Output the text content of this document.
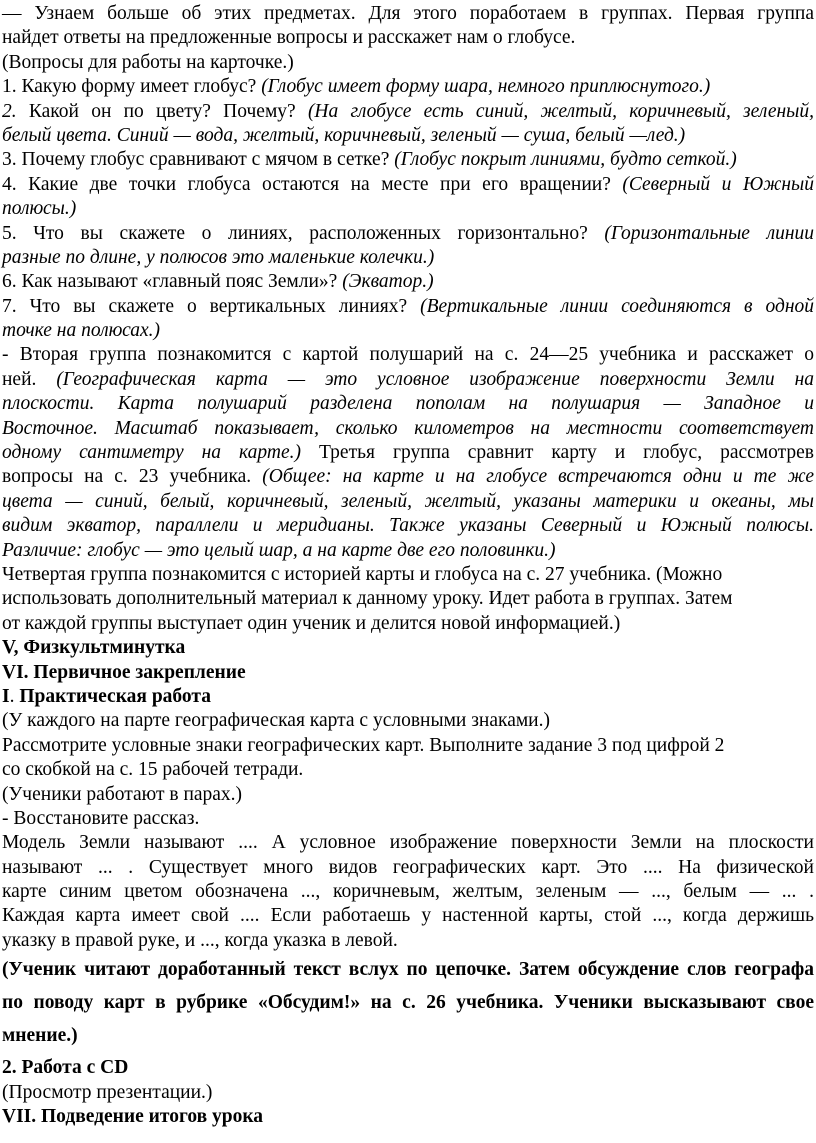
— Узнаем больше об этих предметах. Для этого поработаем в группах. Первая группа
найдет ответы на предложенные вопросы и расскажет нам о глобусе.
(Вопросы для работы на карточке.)
1. Какую форму имеет глобус? (Глобус имеет форму шара, немного приплюснутого.)
2. Какой он по цвету? Почему? (На глобусе есть синий, желтый, коричневый, зеленый,
белый цвета. Синий — вода, желтый, коричневый, зеленый — суша, белый —лед.)
3. Почему глобус сравнивают с мячом в сетке? (Глобус покрыт линиями, будто сеткой.)
4. Какие две точки глобуса остаются на месте при его вращении? (Северный и Южный
полюсы.)
5. Что вы скажете о линиях, расположенных горизонтально? (Горизонтальные линии
разные по длине, у полюсов это маленькие колечки.)
6. Как называют «главный пояс Земли»? (Экватор.)
7. Что вы скажете о вертикальных линиях? (Вертикальные линии соединяются в одной
точке на полюсах.)
- Вторая группа познакомится с картой полушарий на с. 24—25 учебника и расскажет о
ней. (Географическая карта — это условное изображение поверхности Земли на
плоскости. Карта полушарий разделена пополам на полушария — Западное и
Восточное. Масштаб показывает, сколько километров на местности соответствует
одному сантиметру на карте.) Третья группа сравнит карту и глобус, рассмотрев
вопросы на с. 23 учебника. (Общее: на карте и на глобусе встречаются одни и те же
цвета — синий, белый, коричневый, зеленый, желтый, указаны материки и океаны, мы
видим экватор, параллели и меридианы. Также указаны Северный и Южный полюсы.
Различие: глобус — это целый шар, а на карте две его половинки.)
Четвертая группа познакомится с историей карты и глобуса на с. 27 учебника. (Можно
использовать дополнительный материал к данному уроку. Идет работа в группах. Затем
от каждой группы выступает один ученик и делится новой информацией.)
V, Физкультминутка
VI. Первичное закрепление
I. Практическая работа
(У каждого на парте географическая карта с условными знаками.)
Рассмотрите условные знаки географических карт. Выполните задание 3 под цифрой 2
со скобкой на с. 15 рабочей тетради.
(Ученики работают в парах.)
- Восстановите рассказ.
Модель Земли называют .... А условное изображение поверхности Земли на плоскости
называют ... . Существует много видов географических карт. Это .... На физической
карте синим цветом обозначена ..., коричневым, желтым, зеленым — ..., белым — ... .
Каждая карта имеет свой .... Если работаешь у настенной карты, стой ..., когда держишь
указку в правой руке, и ..., когда указка в левой.
(Ученик читают доработанный текст вслух по цепочке. Затем обсуждение слов географа
по поводу карт в рубрике «Обсудим!» на с. 26 учебника. Ученики высказывают свое
мнение.)
2. Работа с CD
(Просмотр презентации.)
VII. Подведение итогов урока
